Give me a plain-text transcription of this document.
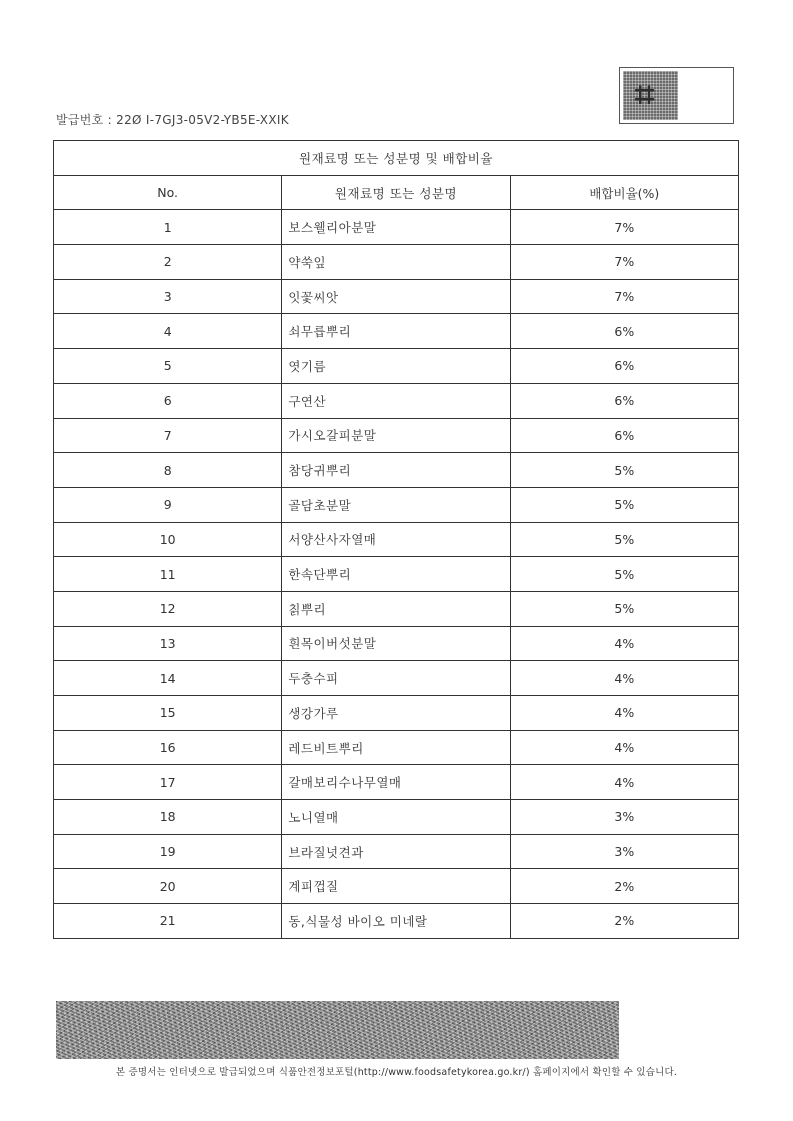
발급번호 : 22Ø I-7GJ3-05V2-YB5E-XXIK
⌗
원재료명 또는 성분명 및 배합비율		
No.	원재료명 또는 성분명	배합비율(%)
1	보스웰리아분말	7%
2	약쑥잎	7%
3	잇꽃씨앗	7%
4	쇠무릅뿌리	6%
5	엿기름	6%
6	구연산	6%
7	가시오갈피분말	6%
8	참당귀뿌리	5%
9	골담초분말	5%
10	서양산사자열매	5%
11	한속단뿌리	5%
12	칡뿌리	5%
13	흰목이버섯분말	4%
14	두충수피	4%
15	생강가루	4%
16	레드비트뿌리	4%
17	갈매보리수나무열매	4%
18	노니열매	3%
19	브라질넛견과	3%
20	계피껍질	2%
21	동,식물성 바이오 미네랄	2%
본 증명서는 인터넷으로 발급되었으며 식품안전정보포털(http://www.foodsafetykorea.go.kr/) 홈페이지에서 확인할 수 있습니다.
